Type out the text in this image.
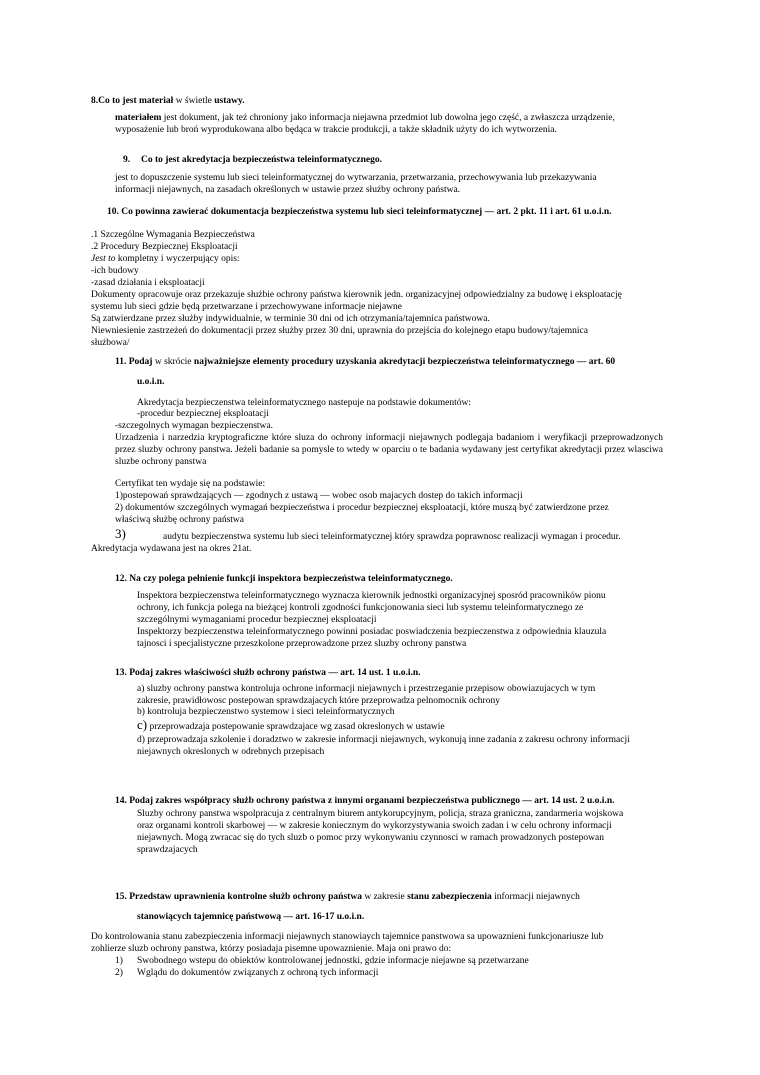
8.Co to jest materiał w świetle ustawy.
materiałem jest dokument, jak też chroniony jako informacja niejawna przedmiot lub dowolna jego część, a zwłaszcza urządzenie,
wyposażenie lub broń wyprodukowana albo będąca w trakcie produkcji, a także składnik użyty do ich wytworzenia.
9. Co to jest akredytacja bezpieczeństwa teleinformatycznego.
jest to dopuszczenie systemu lub sieci teleinformatycznej do wytwarzania, przetwarzania, przechowywania lub przekazywania
informacji niejawnych, na zasadach określonych w ustawie przez służby ochrony państwa.
10. Co powinna zawierać dokumentacja bezpieczeństwa systemu lub sieci teleinformatycznej — art. 2 pkt. 11 i art. 61 u.o.i.n.
.1 Szczególne Wymagania Bezpieczeństwa
.2 Procedury Bezpiecznej Eksploatacji
Jest to kompletny i wyczerpujący opis:
-ich budowy
-zasad działania i eksploatacji
Dokumenty opracowuje oraz przekazuje służbie ochrony państwa kierownik jedn. organizacyjnej odpowiedzialny za budowę i eksploatację
systemu lub sieci gdzie będą przetwarzane i przechowywane informacje niejawne
Są zatwierdzane przez służby indywidualnie, w terminie 30 dni od ich otrzymania/tajemnica państwowa.
Niewniesienie zastrzeżeń do dokumentacji przez służby przez 30 dni, uprawnia do przejścia do kolejnego etapu budowy/tajemnica
służbowa/
11. Podaj w skrócie najważniejsze elementy procedury uzyskania akredytacji bezpieczeństwa teleinformatycznego — art. 60
u.o.i.n.
Akredytacja bezpieczenstwa teleinformatycznego nastepuje na podstawie dokumentów:
-procedur bezpiecznej eksploatacji
-szczegolnych wymagan bezpieczenstwa.
Urzadzenia i narzedzia kryptograficzne które sluza do ochrony informacji niejawnych podlegaja badaniom i weryfikacji przeprowadzonych przez sluzby ochrony panstwa. Jeżeli badanie sa pomysle to wtedy w oparciu o te badania wydawany jest certyfikat akredytacji przez wlasciwa sluzbe ochrony panstwa
Certyfikat ten wydaje się na podstawie:
1)postepowań sprawdzających — zgodnych z ustawą — wobec osob majacych dostep do takich informacji
2) dokumentów szczególnych wymagań bezpieczeństwa i procedur bezpiecznej eksploatacji, które muszą być zatwierdzone przez
właściwą służbę ochrony państwa
3)	audytu bezpieczenstwa systemu lub sieci teleinformatycznej który sprawdza poprawnosc realizacji wymagan i procedur.
Akredytacja wydawana jest na okres 21at.
12. Na czy polega pełnienie funkcji inspektora bezpieczeństwa teleinformatycznego.
Inspektora bezpieczenstwa teleinformatycznego wyznacza kierownik jednostki organizacyjnej sposród pracowników pionu
ochrony, ich funkcja polega na bieżącej kontroli zgodności funkcjonowania sieci lub systemu teleinformatycznego ze
szczególnymi wymaganiami procedur bezpiecznej eksploatacji
Inspektorzy bezpieczenstwa teleinformatycznego powinni posiadac poswiadczenia bezpieczenstwa z odpowiednia klauzula
tajnosci i specjalistyczne przeszkolone przeprowadzone przez sluzby ochrony panstwa
13. Podaj zakres właściwości służb ochrony państwa — art. 14 ust. 1 u.o.i.n.
a) sluzby ochrony panstwa kontroluja ochrone informacji niejawnych i przestrzeganie przepisow obowiazujacych w tym
zakresie, prawidłowosc postepowan sprawdzajacych które przeprowadza pelnomocnik ochrony
b) kontroluja bezpieczenstwo systemow i sieci teleinformatycznych
c) przeprowadzaja postepowanie sprawdzajace wg zasad okreslonych w ustawie
d) przeprowadzaja szkolenie i doradztwo w zakresie informacji niejawnych, wykonują inne zadania z zakresu ochrony informacji
niejawnych okreslonych w odrebnych przepisach
14. Podaj zakres współpracy służb ochrony państwa z innymi organami bezpieczeństwa publicznego — art. 14 ust. 2 u.o.i.n.
Sluzby ochrony panstwa wspolpracuja z centralnym biurem antykorupcyjnym, policja, straza graniczna, zandarmeria wojskowa
oraz organami kontroli skarbowej — w zakresie koniecznym do wykorzystywania swoich zadan i w celu ochrony informacji
niejawnych. Mogą zwracac się do tych sluzb o pomoc przy wykonywaniu czynnosci w ramach prowadzonych postepowan
sprawdzajacych
15. Przedstaw uprawnienia kontrolne służb ochrony państwa w zakresie stanu zabezpieczenia informacji niejawnych
stanowiących tajemnicę państwową — art. 16-17 u.o.i.n.
Do kontrolowania stanu zabezpieczenia informacji niejawnych stanowiaych tajemnice panstwowa sa upowaznieni funkcjonariusze lub
zohlierze sluzb ochrony panstwa, którzy posiadaja pisemne upowaznienie. Maja oni prawo do:
1) Swobodnego wstepu do obiektów kontrolowanej jednostki, gdzie informacje niejawne są przetwarzane
2) Wglądu do dokumentów związanych z ochroną tych informacji
